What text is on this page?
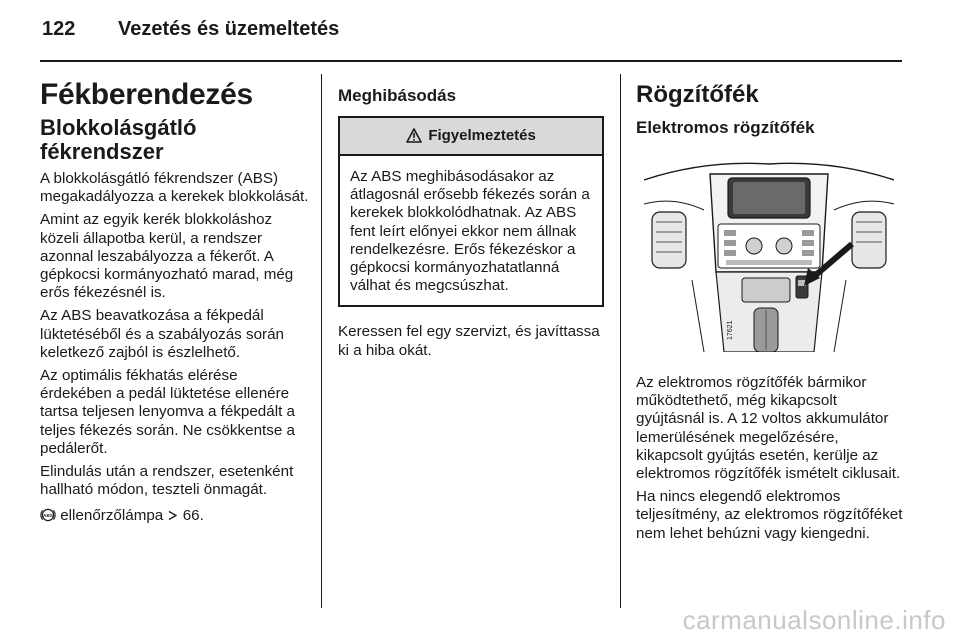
122 Vezetés és üzemeltetés
Fékberendezés
Blokkolásgátló fékrendszer

A blokkolásgátló fékrendszer (ABS) megakadályozza a kerekek blokkolását.

Amint az egyik kerék blokkoláshoz közeli állapotba kerül, a rendszer azonnal leszabályozza a fékerőt. A gépkocsi kormányozható marad, még erős fékezésnél is.

Az ABS beavatkozása a fékpedál lüktetéséből és a szabályozás során keletkező zajból is észlelhető.

Az optimális fékhatás elérése érdekében a pedál lüktetése ellenére tartsa teljesen lenyomva a fékpedált a teljes fékezés során. Ne csökkentse a pedálerőt.

Elindulás után a rendszer, esetenként hallható módon, teszteli önmagát.

ABS ellenőrzőlámpa 66.

Meghibásodás
Figyelmeztetés
Az ABS meghibásodásakor az átlagosnál erősebb fékezés során a kerekek blokkolódhatnak. Az ABS fent leírt előnyei ekkor nem állnak rendelkezésre. Erős fékezéskor a gépkocsi kormányozhatatlanná válhat és megcsúszhat.

Keressen fel egy szervizt, és javíttassa ki a hiba okát.

Rögzítőfék
Elektromos rögzítőfék
17621

Az elektromos rögzítőfék bármikor működtethető, még kikapcsolt gyújtásnál is. A 12 voltos akkumulátor lemerülésének megelőzésére, kikapcsolt gyújtás esetén, kerülje az elektromos rögzítőfék ismételt ciklusait.

Ha nincs elegendő elektromos teljesítmény, az elektromos rögzítőféket nem lehet behúzni vagy kiengedni.

carmanualsonline.info
